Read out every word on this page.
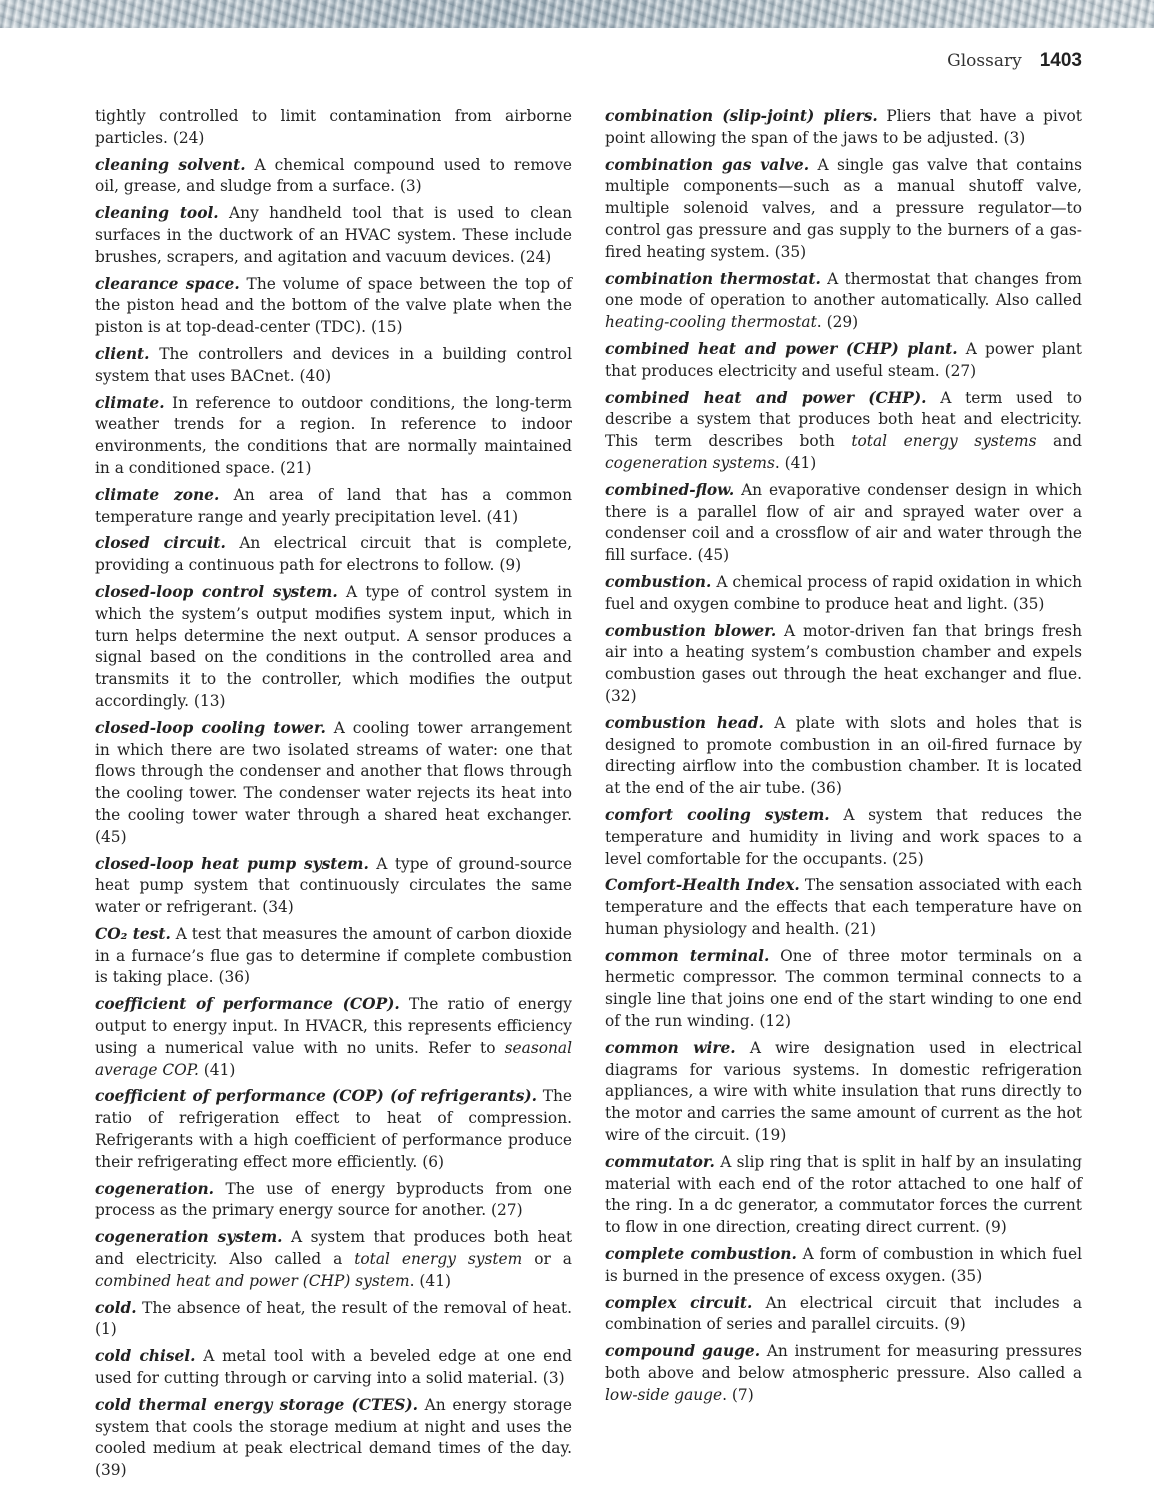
Glossary 1403

tightly controlled to limit contamination from airborne particles. (24)

cleaning solvent. A chemical compound used to remove oil, grease, and sludge from a surface. (3)

cleaning tool. Any handheld tool that is used to clean surfaces in the ductwork of an HVAC system. These include brushes, scrapers, and agitation and vacuum devices. (24)

clearance space. The volume of space between the top of the piston head and the bottom of the valve plate when the piston is at top-dead-center (TDC). (15)

client. The controllers and devices in a building control system that uses BACnet. (40)

climate. In reference to outdoor conditions, the long-term weather trends for a region. In reference to indoor environments, the conditions that are normally maintained in a conditioned space. (21)

climate zone. An area of land that has a common temperature range and yearly precipitation level. (41)

closed circuit. An electrical circuit that is complete, providing a continuous path for electrons to follow. (9)

closed-loop control system. A type of control system in which the system’s output modifies system input, which in turn helps determine the next output. A sensor produces a signal based on the conditions in the controlled area and transmits it to the controller, which modifies the output accordingly. (13)

closed-loop cooling tower. A cooling tower arrangement in which there are two isolated streams of water: one that flows through the condenser and another that flows through the cooling tower. The condenser water rejects its heat into the cooling tower water through a shared heat exchanger. (45)

closed-loop heat pump system. A type of ground-source heat pump system that continuously circulates the same water or refrigerant. (34)

CO₂ test. A test that measures the amount of carbon dioxide in a furnace’s flue gas to determine if complete combustion is taking place. (36)

coefficient of performance (COP). The ratio of energy output to energy input. In HVACR, this represents efficiency using a numerical value with no units. Refer to seasonal average COP. (41)

coefficient of performance (COP) (of refrigerants). The ratio of refrigeration effect to heat of compression. Refrigerants with a high coefficient of performance produce their refrigerating effect more efficiently. (6)

cogeneration. The use of energy byproducts from one process as the primary energy source for another. (27)

cogeneration system. A system that produces both heat and electricity. Also called a total energy system or a combined heat and power (CHP) system. (41)

cold. The absence of heat, the result of the removal of heat. (1)

cold chisel. A metal tool with a beveled edge at one end used for cutting through or carving into a solid material. (3)

cold thermal energy storage (CTES). An energy storage system that cools the storage medium at night and uses the cooled medium at peak electrical demand times of the day. (39)

combination (slip-joint) pliers. Pliers that have a pivot point allowing the span of the jaws to be adjusted. (3)

combination gas valve. A single gas valve that contains multiple components—such as a manual shutoff valve, multiple solenoid valves, and a pressure regulator—to control gas pressure and gas supply to the burners of a gas-fired heating system. (35)

combination thermostat. A thermostat that changes from one mode of operation to another automatically. Also called heating-cooling thermostat. (29)

combined heat and power (CHP) plant. A power plant that produces electricity and useful steam. (27)

combined heat and power (CHP). A term used to describe a system that produces both heat and electricity. This term describes both total energy systems and cogeneration systems. (41)

combined-flow. An evaporative condenser design in which there is a parallel flow of air and sprayed water over a condenser coil and a crossflow of air and water through the fill surface. (45)

combustion. A chemical process of rapid oxidation in which fuel and oxygen combine to produce heat and light. (35)

combustion blower. A motor-driven fan that brings fresh air into a heating system’s combustion chamber and expels combustion gases out through the heat exchanger and flue. (32)

combustion head. A plate with slots and holes that is designed to promote combustion in an oil-fired furnace by directing airflow into the combustion chamber. It is located at the end of the air tube. (36)

comfort cooling system. A system that reduces the temperature and humidity in living and work spaces to a level comfortable for the occupants. (25)

Comfort-Health Index. The sensation associated with each temperature and the effects that each temperature have on human physiology and health. (21)

common terminal. One of three motor terminals on a hermetic compressor. The common terminal connects to a single line that joins one end of the start winding to one end of the run winding. (12)

common wire. A wire designation used in electrical diagrams for various systems. In domestic refrigeration appliances, a wire with white insulation that runs directly to the motor and carries the same amount of current as the hot wire of the circuit. (19)

commutator. A slip ring that is split in half by an insulating material with each end of the rotor attached to one half of the ring. In a dc generator, a commutator forces the current to flow in one direction, creating direct current. (9)

complete combustion. A form of combustion in which fuel is burned in the presence of excess oxygen. (35)

complex circuit. An electrical circuit that includes a combination of series and parallel circuits. (9)

compound gauge. An instrument for measuring pressures both above and below atmospheric pressure. Also called a low-side gauge. (7)
